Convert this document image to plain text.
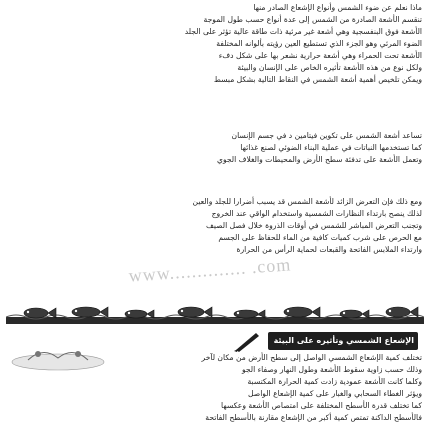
ماذا نعلم عن ضوء الشمس وأنواع الإشعاع الصادر منها
تنقسم الأشعة الصادرة من الشمس إلى عدة أنواع حسب طول الموجة
الأشعة فوق البنفسجية وهي أشعة غير مرئية ذات طاقة عالية تؤثر على الجلد
الضوء المرئي وهو الجزء الذي تستطيع العين رؤيته بألوانه المختلفة
الأشعة تحت الحمراء وهي أشعة حرارية نشعر بها على شكل دفء
ولكل نوع من هذه الأشعة تأثيره الخاص على الإنسان والبيئة
ويمكن تلخيص أهمية أشعة الشمس في النقاط التالية بشكل مبسط
تساعد أشعة الشمس على تكوين فيتامين د في جسم الإنسان
كما تستخدمها النباتات في عملية البناء الضوئي لصنع غذائها
وتعمل الأشعة على تدفئة سطح الأرض والمحيطات والغلاف الجوي
ومع ذلك فإن التعرض الزائد لأشعة الشمس قد يسبب أضرارا للجلد والعين
لذلك ينصح بارتداء النظارات الشمسية واستخدام الواقي عند الخروج
وتجنب التعرض المباشر للشمس في أوقات الذروة خلال فصل الصيف
مع الحرص على شرب كميات كافية من الماء للحفاظ على الجسم
وارتداء الملابس الفاتحة والقبعات لحماية الرأس من الحرارة
www.............. .com
الإشعاع الشمسي وتأثيره على البيئة
تختلف كمية الإشعاع الشمسي الواصل إلى سطح الأرض من مكان لآخر
وذلك حسب زاوية سقوط الأشعة وطول النهار وصفاء الجو
وكلما كانت الأشعة عمودية زادت كمية الحرارة المكتسبة
ويؤثر الغطاء السحابي والغبار على كمية الإشعاع الواصل
كما تختلف قدرة الأسطح المختلفة على امتصاص الأشعة وعكسها
فالأسطح الداكنة تمتص كمية أكبر من الإشعاع مقارنة بالأسطح الفاتحة
